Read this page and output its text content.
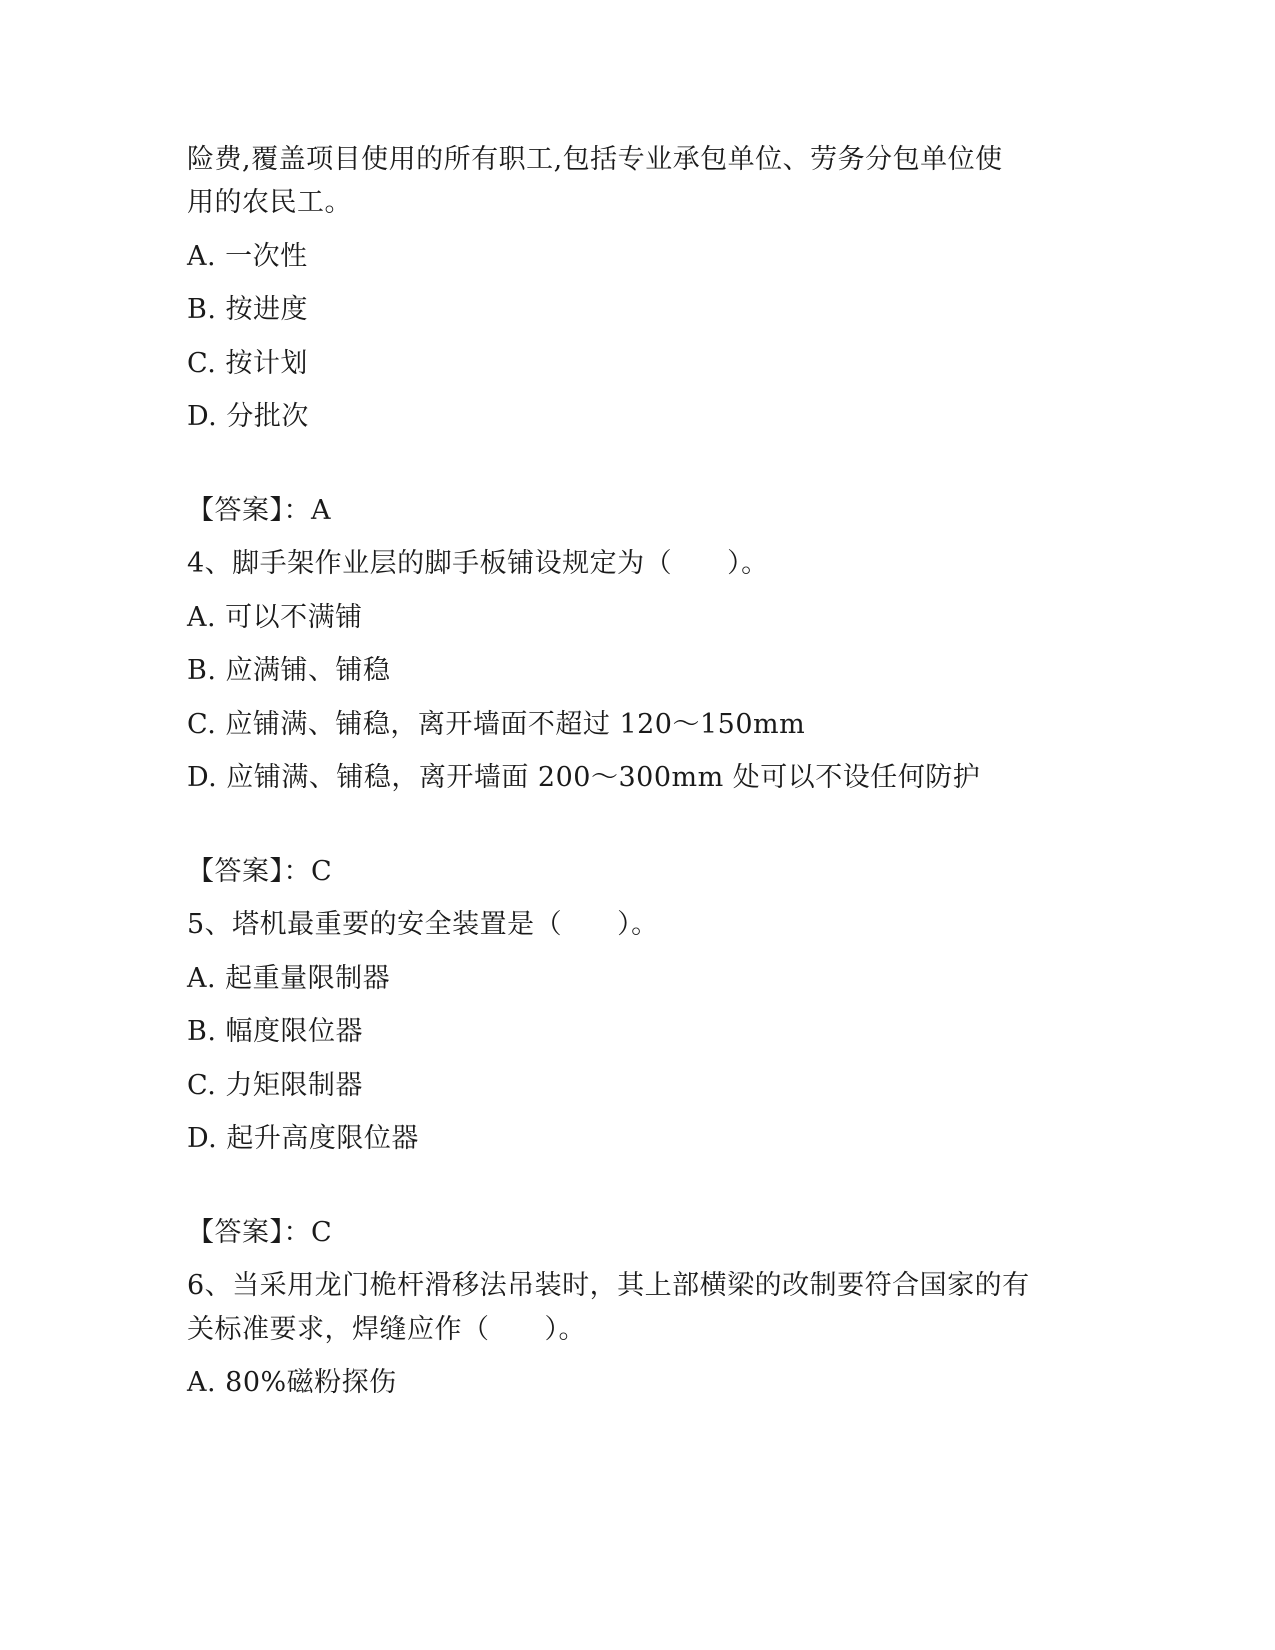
险费,覆盖项目使用的所有职工,包括专业承包单位、劳务分包单位使
用的农民工。
A. 一次性
B. 按进度
C. 按计划
D. 分批次
【答案】：A
4、脚手架作业层的脚手板铺设规定为（　　）。
A. 可以不满铺
B. 应满铺、铺稳
C. 应铺满、铺稳，离开墙面不超过 120～150mm
D. 应铺满、铺稳，离开墙面 200～300mm 处可以不设任何防护
【答案】：C
5、塔机最重要的安全装置是（　　）。
A. 起重量限制器
B. 幅度限位器
C. 力矩限制器
D. 起升高度限位器
【答案】：C
6、当采用龙门桅杆滑移法吊装时，其上部横梁的改制要符合国家的有
关标准要求，焊缝应作（　　）。
A. 80%磁粉探伤
